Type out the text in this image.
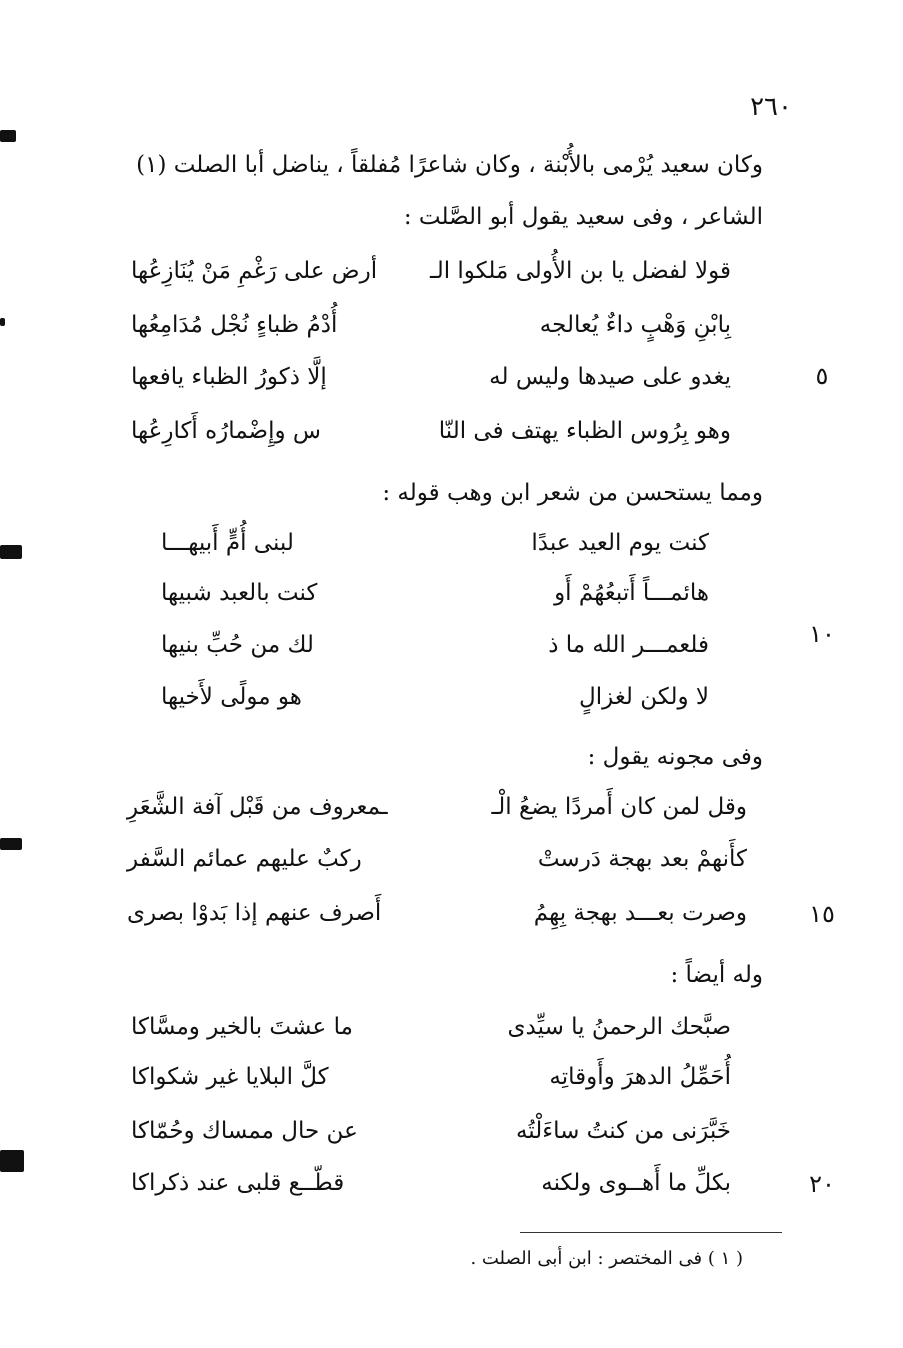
٢٦٠
وكان سعيد يُرْمى بالأُبْنة ، وكان شاعرًا مُفلقاً ، يناضل أبا الصلت (١)
الشاعر ، وفى سعيد يقول أبو الصَّلت :
قولا لفضل يا بن الأُولى مَلكوا الـ
أرض على رَغْمِ مَنْ يُنَازِعُها
بِابْنِ وَهْبٍ داءٌ يُعالجه
أُدْمُ ظباءٍ نُجْل مُدَامِعُها
يغدو على صيدها وليس له
إلَّا ذكورُ الظباء يافعها
وهو بِرُوس الظباء يهتف فى النّا
س وإِضْمارُه أَكارِعُها
ومما يستحسن من شعر ابن وهب قوله :
كنت يوم العيد عبدًا
لبنى أُمٍّ أَبيهـــا
هائمـــاً أَتبعُهُمْ أَو
كنت بالعبد شبيها
فلعمـــر الله ما ذ
لك من حُبِّ بنيها
لا ولكن لغزالٍ
هو مولًى لأَخيها
وفى مجونه يقول :
وقل لمن كان أَمردًا يضعُ الْـ
ـمعروف من قَبْل آفة الشَّعَرِ
كأَنهمْ بعد بهجة دَرستْ
ركبٌ عليهم عمائم السَّفر
وصرت بعـــد بهجة بِهِمُ
أَصرف عنهم إذا بَدوْا بصرى
وله أيضاً :
صبَّحك الرحمنُ يا سيِّدى
ما عشتَ بالخير ومسَّاكا
أُحَمِّلُ الدهرَ وأَوقاتِه
كلَّ البلايا غير شكواكا
خَبَّرَنى من كنتُ ساءَلْتُه
عن حال ممساك وحُمّاكا
بكلِّ ما أَهــوى ولكنه
قطّــع قلبى عند ذكراكا
٥
١٠
١٥
٢٠
( ١ ) فى المختصر : ابن أبى الصلت .
